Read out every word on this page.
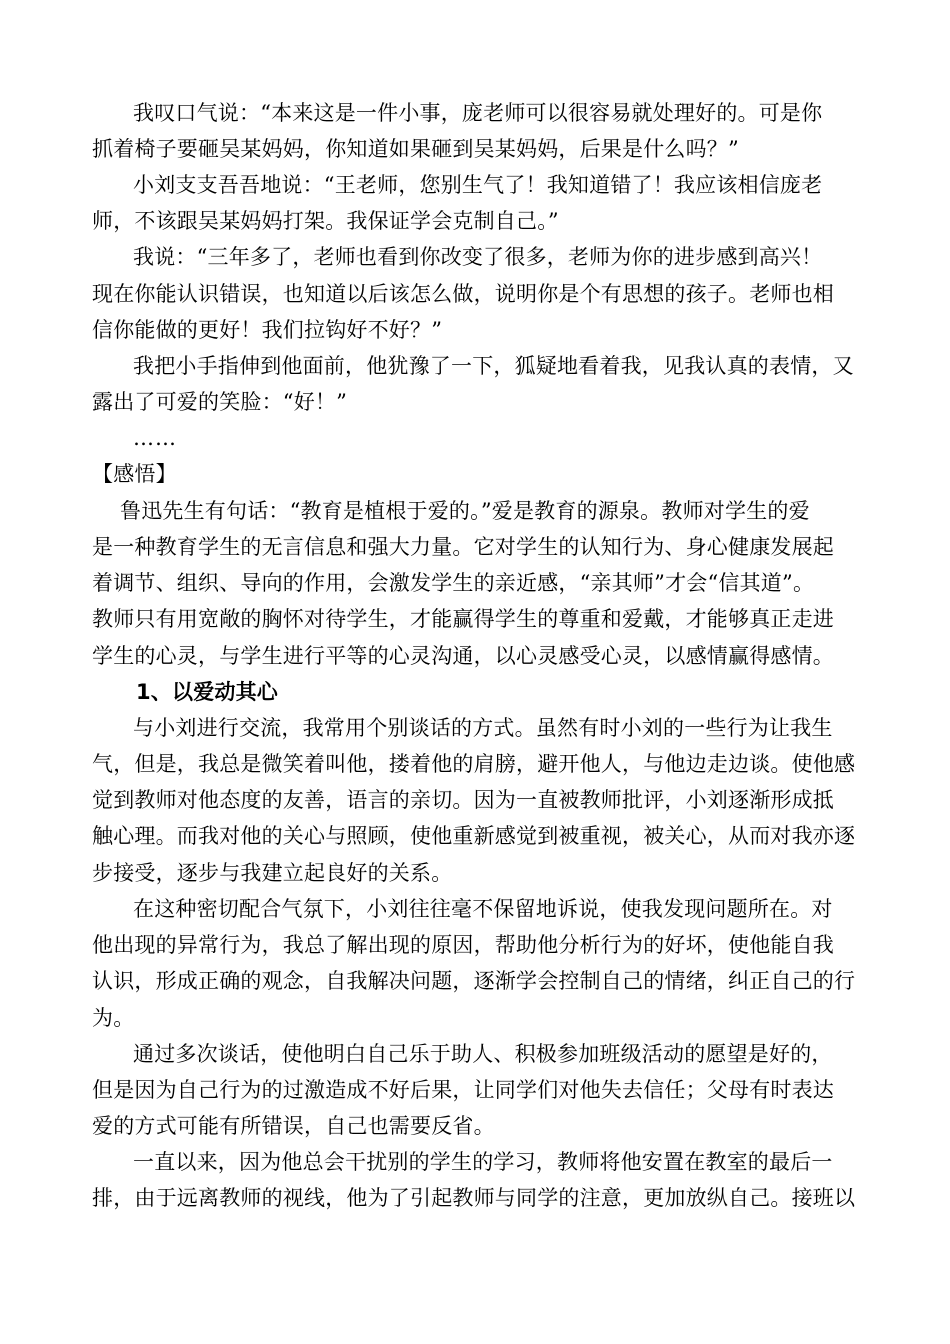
我叹口气说：“本来这是一件小事，庞老师可以很容易就处理好的。可是你
抓着椅子要砸吴某妈妈，你知道如果砸到吴某妈妈，后果是什么吗？”
小刘支支吾吾地说：“王老师，您别生气了！我知道错了！我应该相信庞老
师，不该跟吴某妈妈打架。我保证学会克制自己。”
我说：“三年多了，老师也看到你改变了很多，老师为你的进步感到高兴！
现在你能认识错误，也知道以后该怎么做，说明你是个有思想的孩子。老师也相
信你能做的更好！我们拉钩好不好？”
我把小手指伸到他面前，他犹豫了一下，狐疑地看着我，见我认真的表情，又
露出了可爱的笑脸：“好！”
……
【感悟】
鲁迅先生有句话：“教育是植根于爱的。”爱是教育的源泉。教师对学生的爱
是一种教育学生的无言信息和强大力量。它对学生的认知行为、身心健康发展起
着调节、组织、导向的作用，会激发学生的亲近感，“亲其师”才会“信其道”。
教师只有用宽敞的胸怀对待学生，才能赢得学生的尊重和爱戴，才能够真正走进
学生的心灵，与学生进行平等的心灵沟通，以心灵感受心灵，以感情赢得感情。
1、以爱动其心
与小刘进行交流，我常用个别谈话的方式。虽然有时小刘的一些行为让我生
气，但是，我总是微笑着叫他，搂着他的肩膀，避开他人，与他边走边谈。使他感
觉到教师对他态度的友善，语言的亲切。因为一直被教师批评，小刘逐渐形成抵
触心理。而我对他的关心与照顾，使他重新感觉到被重视，被关心，从而对我亦逐
步接受，逐步与我建立起良好的关系。
在这种密切配合气氛下，小刘往往毫不保留地诉说，使我发现问题所在。对
他出现的异常行为，我总了解出现的原因，帮助他分析行为的好坏，使他能自我
认识，形成正确的观念，自我解决问题，逐渐学会控制自己的情绪，纠正自己的行
为。
通过多次谈话，使他明白自己乐于助人、积极参加班级活动的愿望是好的，
但是因为自己行为的过激造成不好后果，让同学们对他失去信任；父母有时表达
爱的方式可能有所错误，自己也需要反省。
一直以来，因为他总会干扰别的学生的学习，教师将他安置在教室的最后一
排，由于远离教师的视线，他为了引起教师与同学的注意，更加放纵自己。接班以
